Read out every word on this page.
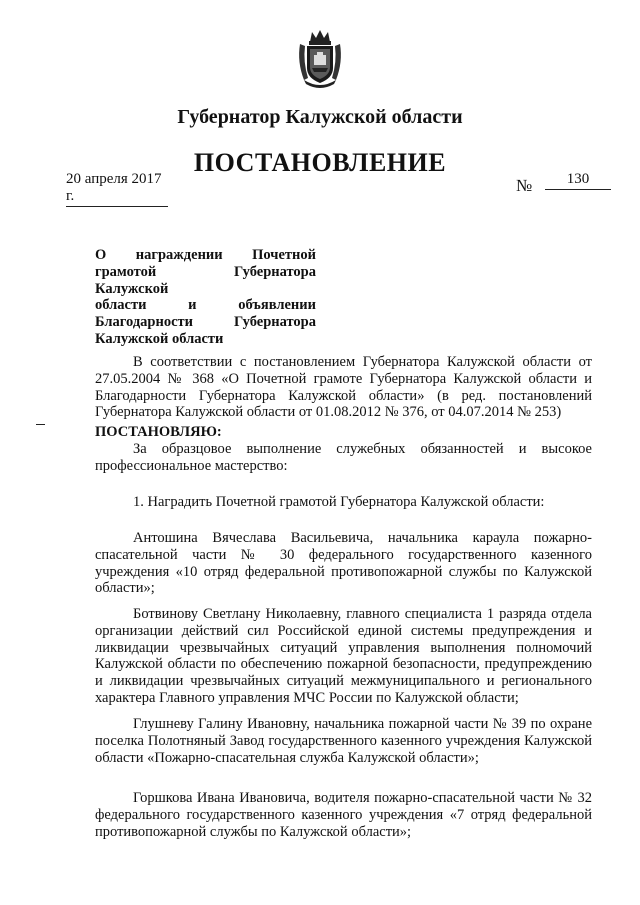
Губернатор Калужской области
ПОСТАНОВЛЕНИЕ
20 апреля 2017 г.
№	130
О награждении Почетной
грамотой Губернатора Калужской
области и объявлении
Благодарности Губернатора
Калужской области
В соответствии с постановлением Губернатора Калужской области от 27.05.2004 № 368 «О Почетной грамоте Губернатора Калужской области и Благодарности Губернатора Калужской области» (в ред. постановлений Губернатора Калужской области от 01.08.2012 № 376, от 04.07.2014 № 253)
ПОСТАНОВЛЯЮ:
За образцовое выполнение служебных обязанностей и высокое профессиональное мастерство:
1. Наградить Почетной грамотой Губернатора Калужской области:
Антошина Вячеслава Васильевича, начальника караула пожарно-спасательной части № 30 федерального государственного казенного учреждения «10 отряд федеральной противопожарной службы по Калужской области»;
Ботвинову Светлану Николаевну, главного специалиста 1 разряда отдела организации действий сил Российской единой системы предупреждения и ликвидации чрезвычайных ситуаций управления выполнения полномочий Калужской области по обеспечению пожарной безопасности, предупреждению и ликвидации чрезвычайных ситуаций межмуниципального и регионального характера Главного управления МЧС России по Калужской области;
Глушневу Галину Ивановну, начальника пожарной части № 39 по охране поселка Полотняный Завод государственного казенного учреждения Калужской области «Пожарно-спасательная служба Калужской области»;
Горшкова Ивана Ивановича, водителя пожарно-спасательной части № 32 федерального государственного казенного учреждения «7 отряд федеральной противопожарной службы по Калужской области»;
